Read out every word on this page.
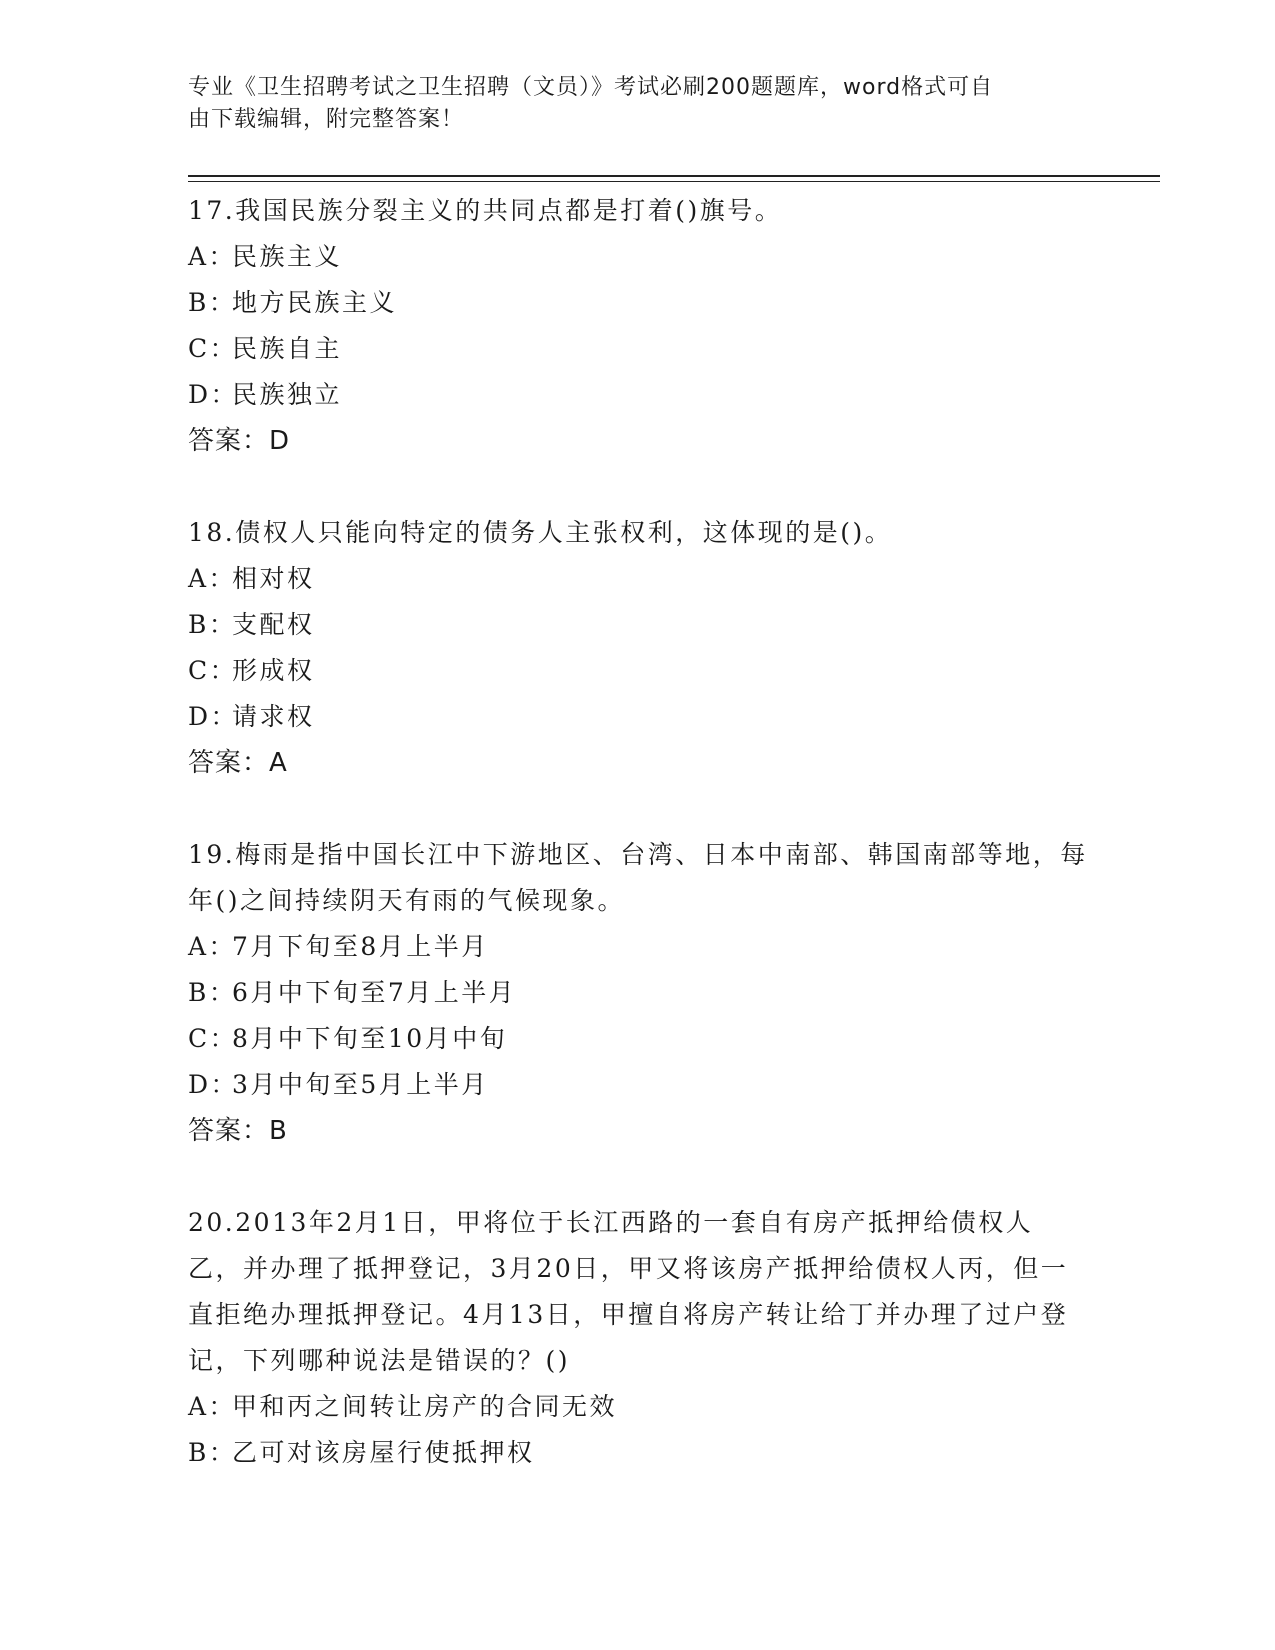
专业《卫生招聘考试之卫生招聘（文员）》考试必刷200题题库，word格式可自
由下载编辑，附完整答案！

17.我国民族分裂主义的共同点都是打着()旗号。

A：民族主义

B：地方民族主义

C：民族自主

D：民族独立

答案：D

18.债权人只能向特定的债务人主张权利，这体现的是()。

A：相对权

B：支配权

C：形成权

D：请求权

答案：A

19.梅雨是指中国长江中下游地区、台湾、日本中南部、韩国南部等地，每年()之间持续阴天有雨的气候现象。

A：7月下旬至8月上半月

B：6月中下旬至7月上半月

C：8月中下旬至10月中旬

D：3月中旬至5月上半月

答案：B

20.2013年2月1日，甲将位于长江西路的一套自有房产抵押给债权人乙，并办理了抵押登记，3月20日，甲又将该房产抵押给债权人丙，但一直拒绝办理抵押登记。4月13日，甲擅自将房产转让给丁并办理了过户登记，下列哪种说法是错误的？()

A：甲和丙之间转让房产的合同无效

B：乙可对该房屋行使抵押权
